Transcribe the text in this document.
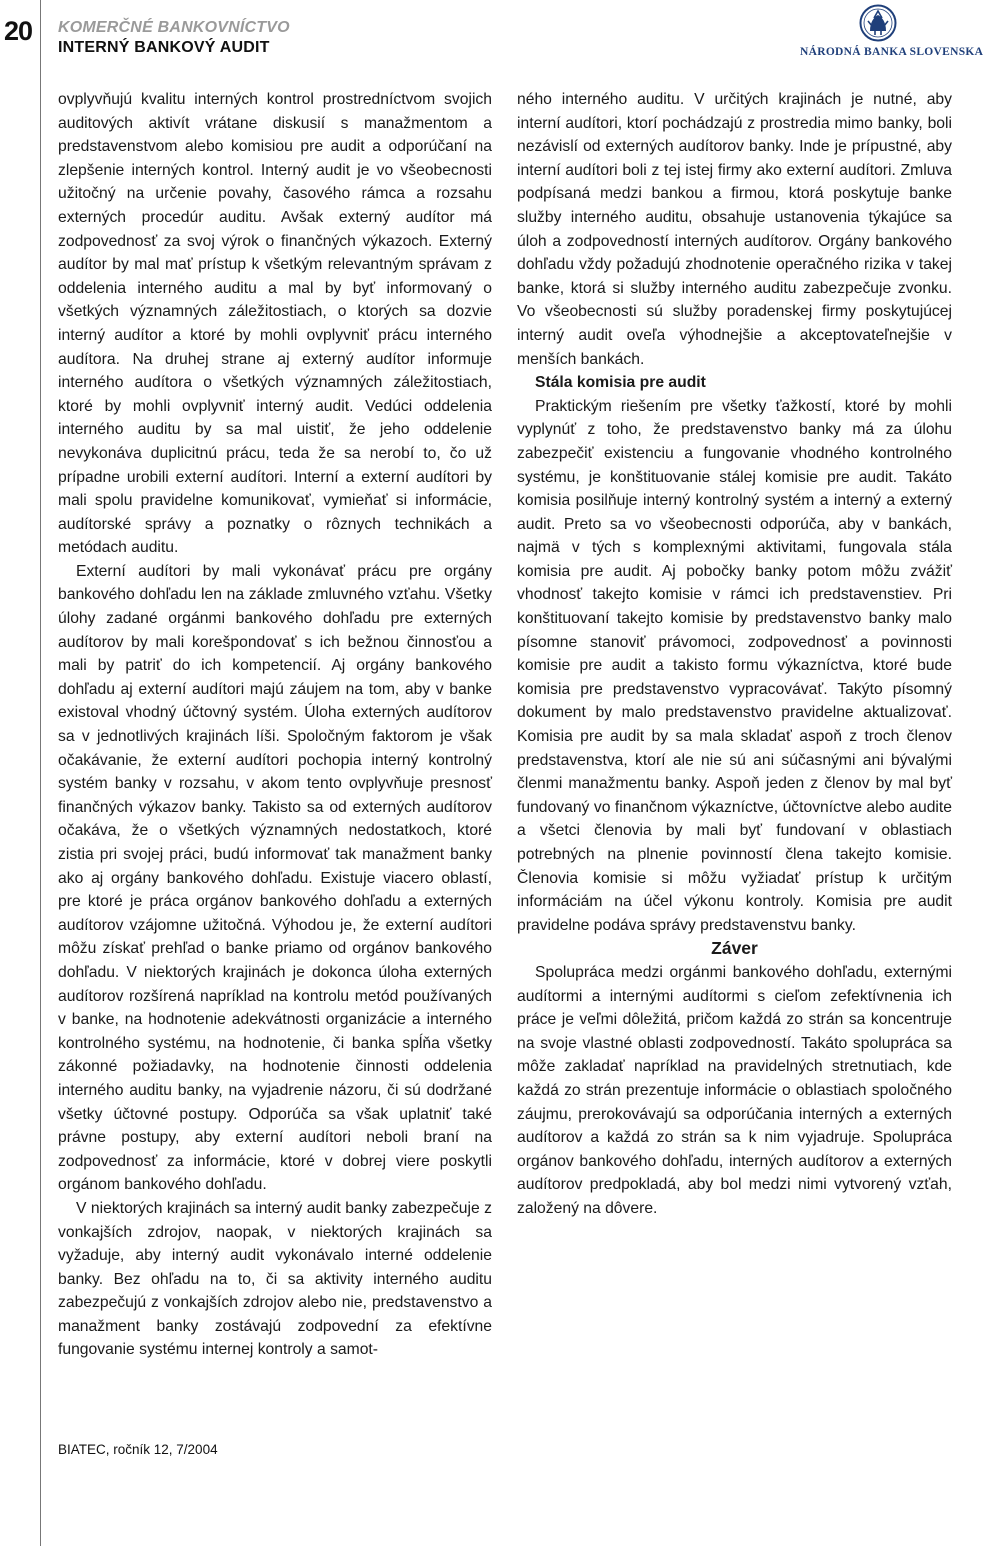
20 KOMERČNÉ BANKOVNÍCTVO
INTERNÝ BANKOVÝ AUDIT	NÁRODNÁ BANKA SLOVENSKA

ovplyvňujú kvalitu interných kontrol prostredníctvom svojich auditových aktivít vrátane diskusií s manažmentom a predstavenstvom alebo komisiou pre audit a odporúčaní na zlepšenie interných kontrol. Interný audit je vo všeobecnosti užitočný na určenie povahy, časového rámca a rozsahu externých procedúr auditu. Avšak externý audítor má zodpovednosť za svoj výrok o finančných výkazoch. Externý audítor by mal mať prístup k všetkým relevantným správam z oddelenia interného auditu a mal by byť informovaný o všetkých významných záležitostiach, o ktorých sa dozvie interný audítor a ktoré by mohli ovplyvniť prácu interného audítora. Na druhej strane aj externý audítor informuje interného audítora o všetkých významných záležitostiach, ktoré by mohli ovplyvniť interný audit. Vedúci oddelenia interného auditu by sa mal uistiť, že jeho oddelenie nevykonáva duplicitnú prácu, teda že sa nerobí to, čo už prípadne urobili externí audítori. Interní a externí audítori by mali spolu pravidelne komunikovať, vymieňať si informácie, audítorské správy a poznatky o rôznych technikách a metódach auditu.

Externí audítori by mali vykonávať prácu pre orgány bankového dohľadu len na základe zmluvného vzťahu. Všetky úlohy zadané orgánmi bankového dohľadu pre externých audítorov by mali korešpondovať s ich bežnou činnosťou a mali by patriť do ich kompetencií. Aj orgány bankového dohľadu aj externí audítori majú záujem na tom, aby v banke existoval vhodný účtovný systém. Úloha externých audítorov sa v jednotlivých krajinách líši. Spoločným faktorom je však očakávanie, že externí audítori pochopia interný kontrolný systém banky v rozsahu, v akom tento ovplyvňuje presnosť finančných výkazov banky. Takisto sa od externých audítorov očakáva, že o všetkých významných nedostatkoch, ktoré zistia pri svojej práci, budú informovať tak manažment banky ako aj orgány bankového dohľadu. Existuje viacero oblastí, pre ktoré je práca orgánov bankového dohľadu a externých audítorov vzájomne užitočná. Výhodou je, že externí audítori môžu získať prehľad o banke priamo od orgánov bankového dohľadu. V niektorých krajinách je dokonca úloha externých audítorov rozšírená napríklad na kontrolu metód používaných v banke, na hodnotenie adekvátnosti organizácie a interného kontrolného systému, na hodnotenie, či banka spĺňa všetky zákonné požiadavky, na hodnotenie činnosti oddelenia interného auditu banky, na vyjadrenie názoru, či sú dodržané všetky účtovné postupy. Odporúča sa však uplatniť také právne postupy, aby externí audítori neboli braní na zodpovednosť za informácie, ktoré v dobrej viere poskytli orgánom bankového dohľadu.

V niektorých krajinách sa interný audit banky zabezpečuje z vonkajších zdrojov, naopak, v niektorých krajinách sa vyžaduje, aby interný audit vykonávalo interné oddelenie banky. Bez ohľadu na to, či sa aktivity interného auditu zabezpečujú z vonkajších zdrojov alebo nie, predstavenstvo a manažment banky zostávajú zodpovední za efektívne fungovanie systému internej kontroly a samot-

ného interného auditu. V určitých krajinách je nutné, aby interní audítori, ktorí pochádzajú z prostredia mimo banky, boli nezávislí od externých audítorov banky. Inde je prípustné, aby interní audítori boli z tej istej firmy ako externí audítori. Zmluva podpísaná medzi bankou a firmou, ktorá poskytuje banke služby interného auditu, obsahuje ustanovenia týkajúce sa úloh a zodpovedností interných audítorov. Orgány bankového dohľadu vždy požadujú zhodnotenie operačného rizika v takej banke, ktorá si služby interného auditu zabezpečuje zvonku. Vo všeobecnosti sú služby poradenskej firmy poskytujúcej interný audit oveľa výhodnejšie a akceptovateľnejšie v menších bankách.

Stála komisia pre audit

Praktickým riešením pre všetky ťažkostí, ktoré by mohli vyplynúť z toho, že predstavenstvo banky má za úlohu zabezpečiť existenciu a fungovanie vhodného kontrolného systému, je konštituovanie stálej komisie pre audit. Takáto komisia posilňuje interný kontrolný systém a interný a externý audit. Preto sa vo všeobecnosti odporúča, aby v bankách, najmä v tých s komplexnými aktivitami, fungovala stála komisia pre audit. Aj pobočky banky potom môžu zvážiť vhodnosť takejto komisie v rámci ich predstavenstiev. Pri konštituovaní takejto komisie by predstavenstvo banky malo písomne stanoviť právomoci, zodpovednosť a povinnosti komisie pre audit a takisto formu výkazníctva, ktoré bude komisia pre predstavenstvo vypracovávať. Takýto písomný dokument by malo predstavenstvo pravidelne aktualizovať. Komisia pre audit by sa mala skladať aspoň z troch členov predstavenstva, ktorí ale nie sú ani súčasnými ani bývalými členmi manažmentu banky. Aspoň jeden z členov by mal byť fundovaný vo finančnom výkazníctve, účtovníctve alebo audite a všetci členovia by mali byť fundovaní v oblastiach potrebných na plnenie povinností člena takejto komisie. Členovia komisie si môžu vyžiadať prístup k určitým informáciám na účel výkonu kontroly. Komisia pre audit pravidelne podáva správy predstavenstvu banky.

Záver

Spolupráca medzi orgánmi bankového dohľadu, externými audítormi a internými audítormi s cieľom zefektívnenia ich práce je veľmi dôležitá, pričom každá zo strán sa koncentruje na svoje vlastné oblasti zodpovedností. Takáto spolupráca sa môže zakladať napríklad na pravidelných stretnutiach, kde každá zo strán prezentuje informácie o oblastiach spoločného záujmu, prerokovávajú sa odporúčania interných a externých audítorov a každá zo strán sa k nim vyjadruje. Spolupráca orgánov bankového dohľadu, interných audítorov a externých audítorov predpokladá, aby bol medzi nimi vytvorený vzťah, založený na dôvere.

BIATEC, ročník 12, 7/2004
